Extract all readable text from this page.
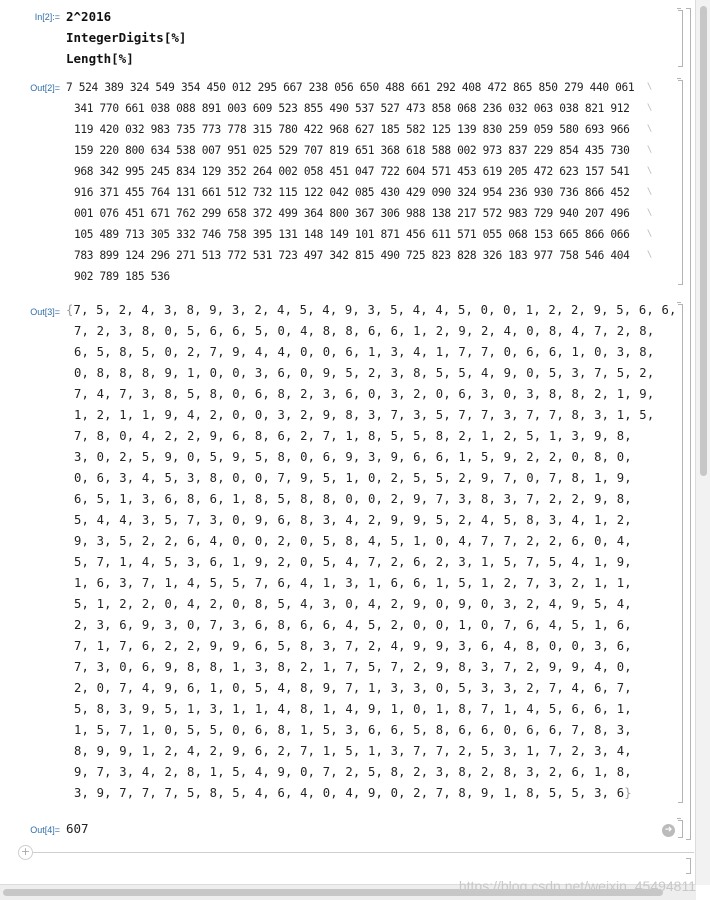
In[2]:= 2^2016
IntegerDigits[%]
Length[%]
Out[2]= 7 524 389 324 549 354 450 012 295 667 238 056 650 488 661 292 408 472 865 850 279 440 061 \
341 770 661 038 088 891 003 609 523 855 490 537 527 473 858 068 236 032 063 038 821 912 \
119 420 032 983 735 773 778 315 780 422 968 627 185 582 125 139 830 259 059 580 693 966 \
159 220 800 634 538 007 951 025 529 707 819 651 368 618 588 002 973 837 229 854 435 730 \
968 342 995 245 834 129 352 264 002 058 451 047 722 604 571 453 619 205 472 623 157 541 \
916 371 455 764 131 661 512 732 115 122 042 085 430 429 090 324 954 236 930 736 866 452 \
001 076 451 671 762 299 658 372 499 364 800 367 306 988 138 217 572 983 729 940 207 496 \
105 489 713 305 332 746 758 395 131 148 149 101 871 456 611 571 055 068 153 665 866 066 \
783 899 124 296 271 513 772 531 723 497 342 815 490 725 823 828 326 183 977 758 546 404 \
902 789 185 536
Out[3]= {7, 5, 2, 4, 3, 8, 9, 3, 2, 4, 5, 4, 9, 3, 5, 4, 4, 5, 0, 0, 1, 2, 2, 9, 5, 6, 6,
7, 2, 3, 8, 0, 5, 6, 6, 5, 0, 4, 8, 8, 6, 6, 1, 2, 9, 2, 4, 0, 8, 4, 7, 2, 8,
6, 5, 8, 5, 0, 2, 7, 9, 4, 4, 0, 0, 6, 1, 3, 4, 1, 7, 7, 0, 6, 6, 1, 0, 3, 8,
0, 8, 8, 8, 9, 1, 0, 0, 3, 6, 0, 9, 5, 2, 3, 8, 5, 5, 4, 9, 0, 5, 3, 7, 5, 2,
7, 4, 7, 3, 8, 5, 8, 0, 6, 8, 2, 3, 6, 0, 3, 2, 0, 6, 3, 0, 3, 8, 8, 2, 1, 9,
1, 2, 1, 1, 9, 4, 2, 0, 0, 3, 2, 9, 8, 3, 7, 3, 5, 7, 7, 3, 7, 7, 8, 3, 1, 5,
7, 8, 0, 4, 2, 2, 9, 6, 8, 6, 2, 7, 1, 8, 5, 5, 8, 2, 1, 2, 5, 1, 3, 9, 8,
3, 0, 2, 5, 9, 0, 5, 9, 5, 8, 0, 6, 9, 3, 9, 6, 6, 1, 5, 9, 2, 2, 0, 8, 0,
0, 6, 3, 4, 5, 3, 8, 0, 0, 7, 9, 5, 1, 0, 2, 5, 5, 2, 9, 7, 0, 7, 8, 1, 9,
6, 5, 1, 3, 6, 8, 6, 1, 8, 5, 8, 8, 0, 0, 2, 9, 7, 3, 8, 3, 7, 2, 2, 9, 8,
5, 4, 4, 3, 5, 7, 3, 0, 9, 6, 8, 3, 4, 2, 9, 9, 5, 2, 4, 5, 8, 3, 4, 1, 2,
9, 3, 5, 2, 2, 6, 4, 0, 0, 2, 0, 5, 8, 4, 5, 1, 0, 4, 7, 7, 2, 2, 6, 0, 4,
5, 7, 1, 4, 5, 3, 6, 1, 9, 2, 0, 5, 4, 7, 2, 6, 2, 3, 1, 5, 7, 5, 4, 1, 9,
1, 6, 3, 7, 1, 4, 5, 5, 7, 6, 4, 1, 3, 1, 6, 6, 1, 5, 1, 2, 7, 3, 2, 1, 1,
5, 1, 2, 2, 0, 4, 2, 0, 8, 5, 4, 3, 0, 4, 2, 9, 0, 9, 0, 3, 2, 4, 9, 5, 4,
2, 3, 6, 9, 3, 0, 7, 3, 6, 8, 6, 6, 4, 5, 2, 0, 0, 1, 0, 7, 6, 4, 5, 1, 6,
7, 1, 7, 6, 2, 2, 9, 9, 6, 5, 8, 3, 7, 2, 4, 9, 9, 3, 6, 4, 8, 0, 0, 3, 6,
7, 3, 0, 6, 9, 8, 8, 1, 3, 8, 2, 1, 7, 5, 7, 2, 9, 8, 3, 7, 2, 9, 9, 4, 0,
2, 0, 7, 4, 9, 6, 1, 0, 5, 4, 8, 9, 7, 1, 3, 3, 0, 5, 3, 3, 2, 7, 4, 6, 7,
5, 8, 3, 9, 5, 1, 3, 1, 1, 4, 8, 1, 4, 9, 1, 0, 1, 8, 7, 1, 4, 5, 6, 6, 1,
1, 5, 7, 1, 0, 5, 5, 0, 6, 8, 1, 5, 3, 6, 6, 5, 8, 6, 6, 0, 6, 6, 7, 8, 3,
8, 9, 9, 1, 2, 4, 2, 9, 6, 2, 7, 1, 5, 1, 3, 7, 7, 2, 5, 3, 1, 7, 2, 3, 4,
9, 7, 3, 4, 2, 8, 1, 5, 4, 9, 0, 7, 2, 5, 8, 2, 3, 8, 2, 8, 3, 2, 6, 1, 8,
3, 9, 7, 7, 7, 5, 8, 5, 4, 6, 4, 0, 4, 9, 0, 2, 7, 8, 9, 1, 8, 5, 5, 3, 6}
Out[4]= 607	➜
+
https://blog.csdn.net/weixin_45494811
